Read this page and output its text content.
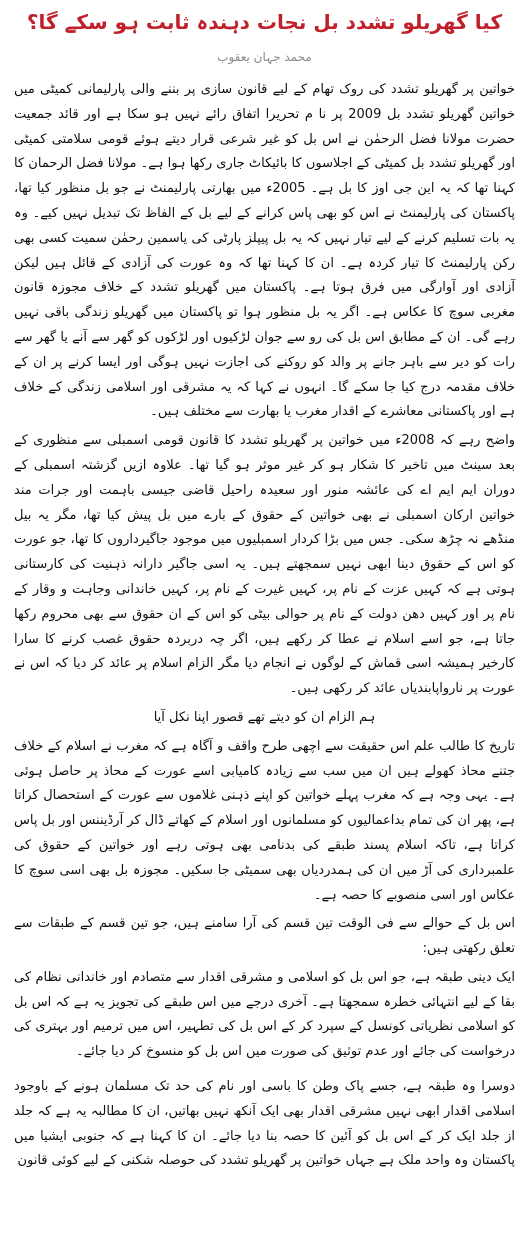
کیا گھریلو تشدد بل نجات دہندہ ثابت ہو سکے گا؟
محمد جہان یعقوب

خواتین پر گھریلو تشدد کی روک تھام کے لیے قانون سازی پر بننے والی پارلیمانی کمیٹی میں خواتین گھریلو تشدد بل 2009 پر نا م تحریرا اتفاق رائے نہیں ہو سکا ہے اور قائد جمعیت حضرت مولانا فضل الرحمٰن نے اس بل کو غیر شرعی قرار دیتے ہوئے قومی سلامتی کمیٹی اور گھریلو تشدد بل کمیٹی کے اجلاسوں کا بائیکاٹ جاری رکھا ہوا ہے۔ مولانا فضل الرحمان کا کہنا تھا کہ یہ این جی اوز کا بل ہے۔ 2005ء میں بھارتی پارلیمنٹ نے جو بل منظور کیا تھا، پاکستان کی پارلیمنٹ نے اس کو بھی پاس کرانے کے لیے بل کے الفاظ تک تبدیل نہیں کیے۔ وہ یہ بات تسلیم کرنے کے لیے تیار نہیں کہ یہ بل پیپلز پارٹی کی یاسمین رحمٰن سمیت کسی بھی رکن پارلیمنٹ کا تیار کردہ ہے۔ ان کا کہنا تھا کہ وہ عورت کی آزادی کے قائل ہیں لیکن آزادی اور آوارگی میں فرق ہوتا ہے۔ پاکستان میں گھریلو تشدد کے خلاف مجوزہ قانون مغربی سوچ کا عکاس ہے۔ اگر یہ بل منظور ہوا تو پاکستان میں گھریلو زندگی باقی نہیں رہے گی۔ ان کے مطابق اس بل کی رو سے جوان لڑکیوں اور لڑکوں کو گھر سے آنے یا گھر سے رات کو دیر سے باہر جانے پر والد کو روکنے کی اجازت نہیں ہوگی اور ایسا کرنے پر ان کے خلاف مقدمہ درج کیا جا سکے گا۔ انہوں نے کہا کہ یہ مشرقی اور اسلامی زندگی کے خلاف ہے اور پاکستانی معاشرے کے اقدار مغرب یا بھارت سے مختلف ہیں۔

واضح رہے کہ 2008ء میں خواتین پر گھریلو تشدد کا قانون قومی اسمبلی سے منظوری کے بعد سینٹ میں تاخیر کا شکار ہو کر غیر موثر ہو گیا تھا۔ علاوہ ازیں گزشتہ اسمبلی کے دوران ایم ایم اے کی عائشہ منور اور سعیدہ راحیل قاضی جیسی باہمت اور جرات مند خواتین ارکان اسمبلی نے بھی خواتین کے حقوق کے بارے میں بل پیش کیا تھا، مگر یہ بیل منڈھے نہ چڑھ سکی۔ جس میں بڑا کردار اسمبلیوں میں موجود جاگیرداروں کا تھا، جو عورت کو اس کے حقوق دینا ابھی نہیں سمجھتے ہیں۔ یہ اسی جاگیر دارانہ ذہنیت کی کارستانی ہوتی ہے کہ کہیں عزت کے نام پر، کہیں غیرت کے نام پر، کہیں خاندانی وجاہت و وقار کے نام پر اور کہیں دھن دولت کے نام پر حوالی بیٹی کو اس کے ان حقوق سے بھی محروم رکھا جاتا ہے، جو اسے اسلام نے عطا کر رکھے ہیں، اگر چہ دربردہ حقوق غصب کرنے کا سارا کارخیر ہمیشہ اسی قماش کے لوگوں نے انجام دیا مگر الزام اسلام پر عائد کر دیا کہ اس نے عورت پر نارواپابندیاں عائد کر رکھی ہیں۔

ہم الزام ان کو دیتے تھے قصور اپنا نکل آیا

تاریخ کا طالب علم اس حقیقت سے اچھی طرح واقف و آگاہ ہے کہ مغرب نے اسلام کے خلاف جتنے محاذ کھولے ہیں ان میں سب سے زیادہ کامیابی اسے عورت کے محاذ پر حاصل ہوئی ہے۔ یہی وجہ ہے کہ مغرب پہلے خواتین کو اپنے ذہنی غلاموں سے عورت کے استحصال کراتا ہے، پھر ان کی تمام بداعمالیوں کو مسلمانوں اور اسلام کے کھاتے ڈال کر آرڈیننس اور بل پاس کراتا ہے، تاکہ اسلام پسند طبقے کی بدنامی بھی ہوتی رہے اور خواتین کے حقوق کی علمبرداری کی آڑ میں ان کی ہمدردیاں بھی سمیٹی جا سکیں۔ مجوزہ بل بھی اسی سوچ کا عکاس اور اسی منصوبے کا حصہ ہے۔

اس بل کے حوالے سے فی الوقت تین قسم کی آرا سامنے ہیں، جو تین قسم کے طبقات سے تعلق رکھتی ہیں:

ایک دینی طبقہ ہے، جو اس بل کو اسلامی و مشرقی اقدار سے متصادم اور خاندانی نظام کی بقا کے لیے انتہائی خطرہ سمجھتا ہے۔ آخری درجے میں اس طبقے کی تجویز یہ ہے کہ اس بل کو اسلامی نظریاتی کونسل کے سپرد کر کے اس بل کی تطہیر، اس میں ترمیم اور بہتری کی درخواست کی جائے اور عدم توثیق کی صورت میں اس بل کو منسوخ کر دیا جائے۔

دوسرا وہ طبقہ ہے، جسے پاک وطن کا باسی اور نام کی حد تک مسلمان ہونے کے باوجود اسلامی اقدار ابھی نہیں مشرقی اقدار بھی ایک آنکھ نہیں بھاتیں، ان کا مطالبہ یہ ہے کہ جلد از جلد ایک کر کے اس بل کو آئین کا حصہ بنا دیا جائے۔ ان کا کہنا ہے کہ جنوبی ایشیا میں پاکستان وہ واحد ملک ہے جہاں خواتین پر گھریلو تشدد کی حوصلہ شکنی کے لیے کوئی قانون
